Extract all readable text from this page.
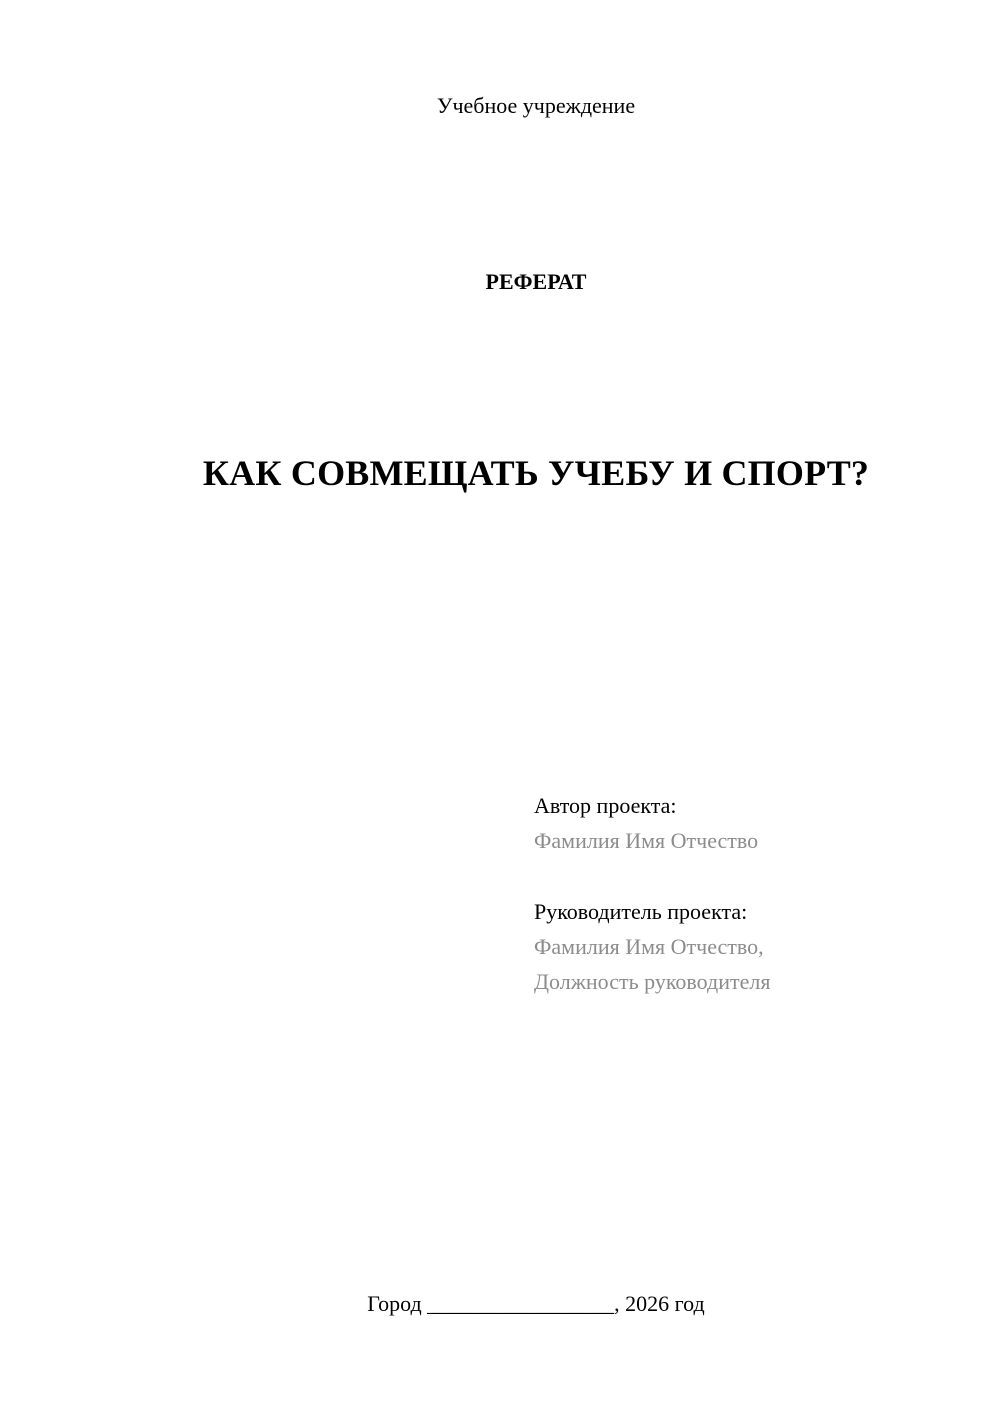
Учебное учреждение
РЕФЕРАТ
КАК СОВМЕЩАТЬ УЧЕБУ И СПОРТ?
Автор проекта:
Фамилия Имя Отчество
Руководитель проекта:
Фамилия Имя Отчество,
Должность руководителя
Город _________________, 2026 год
